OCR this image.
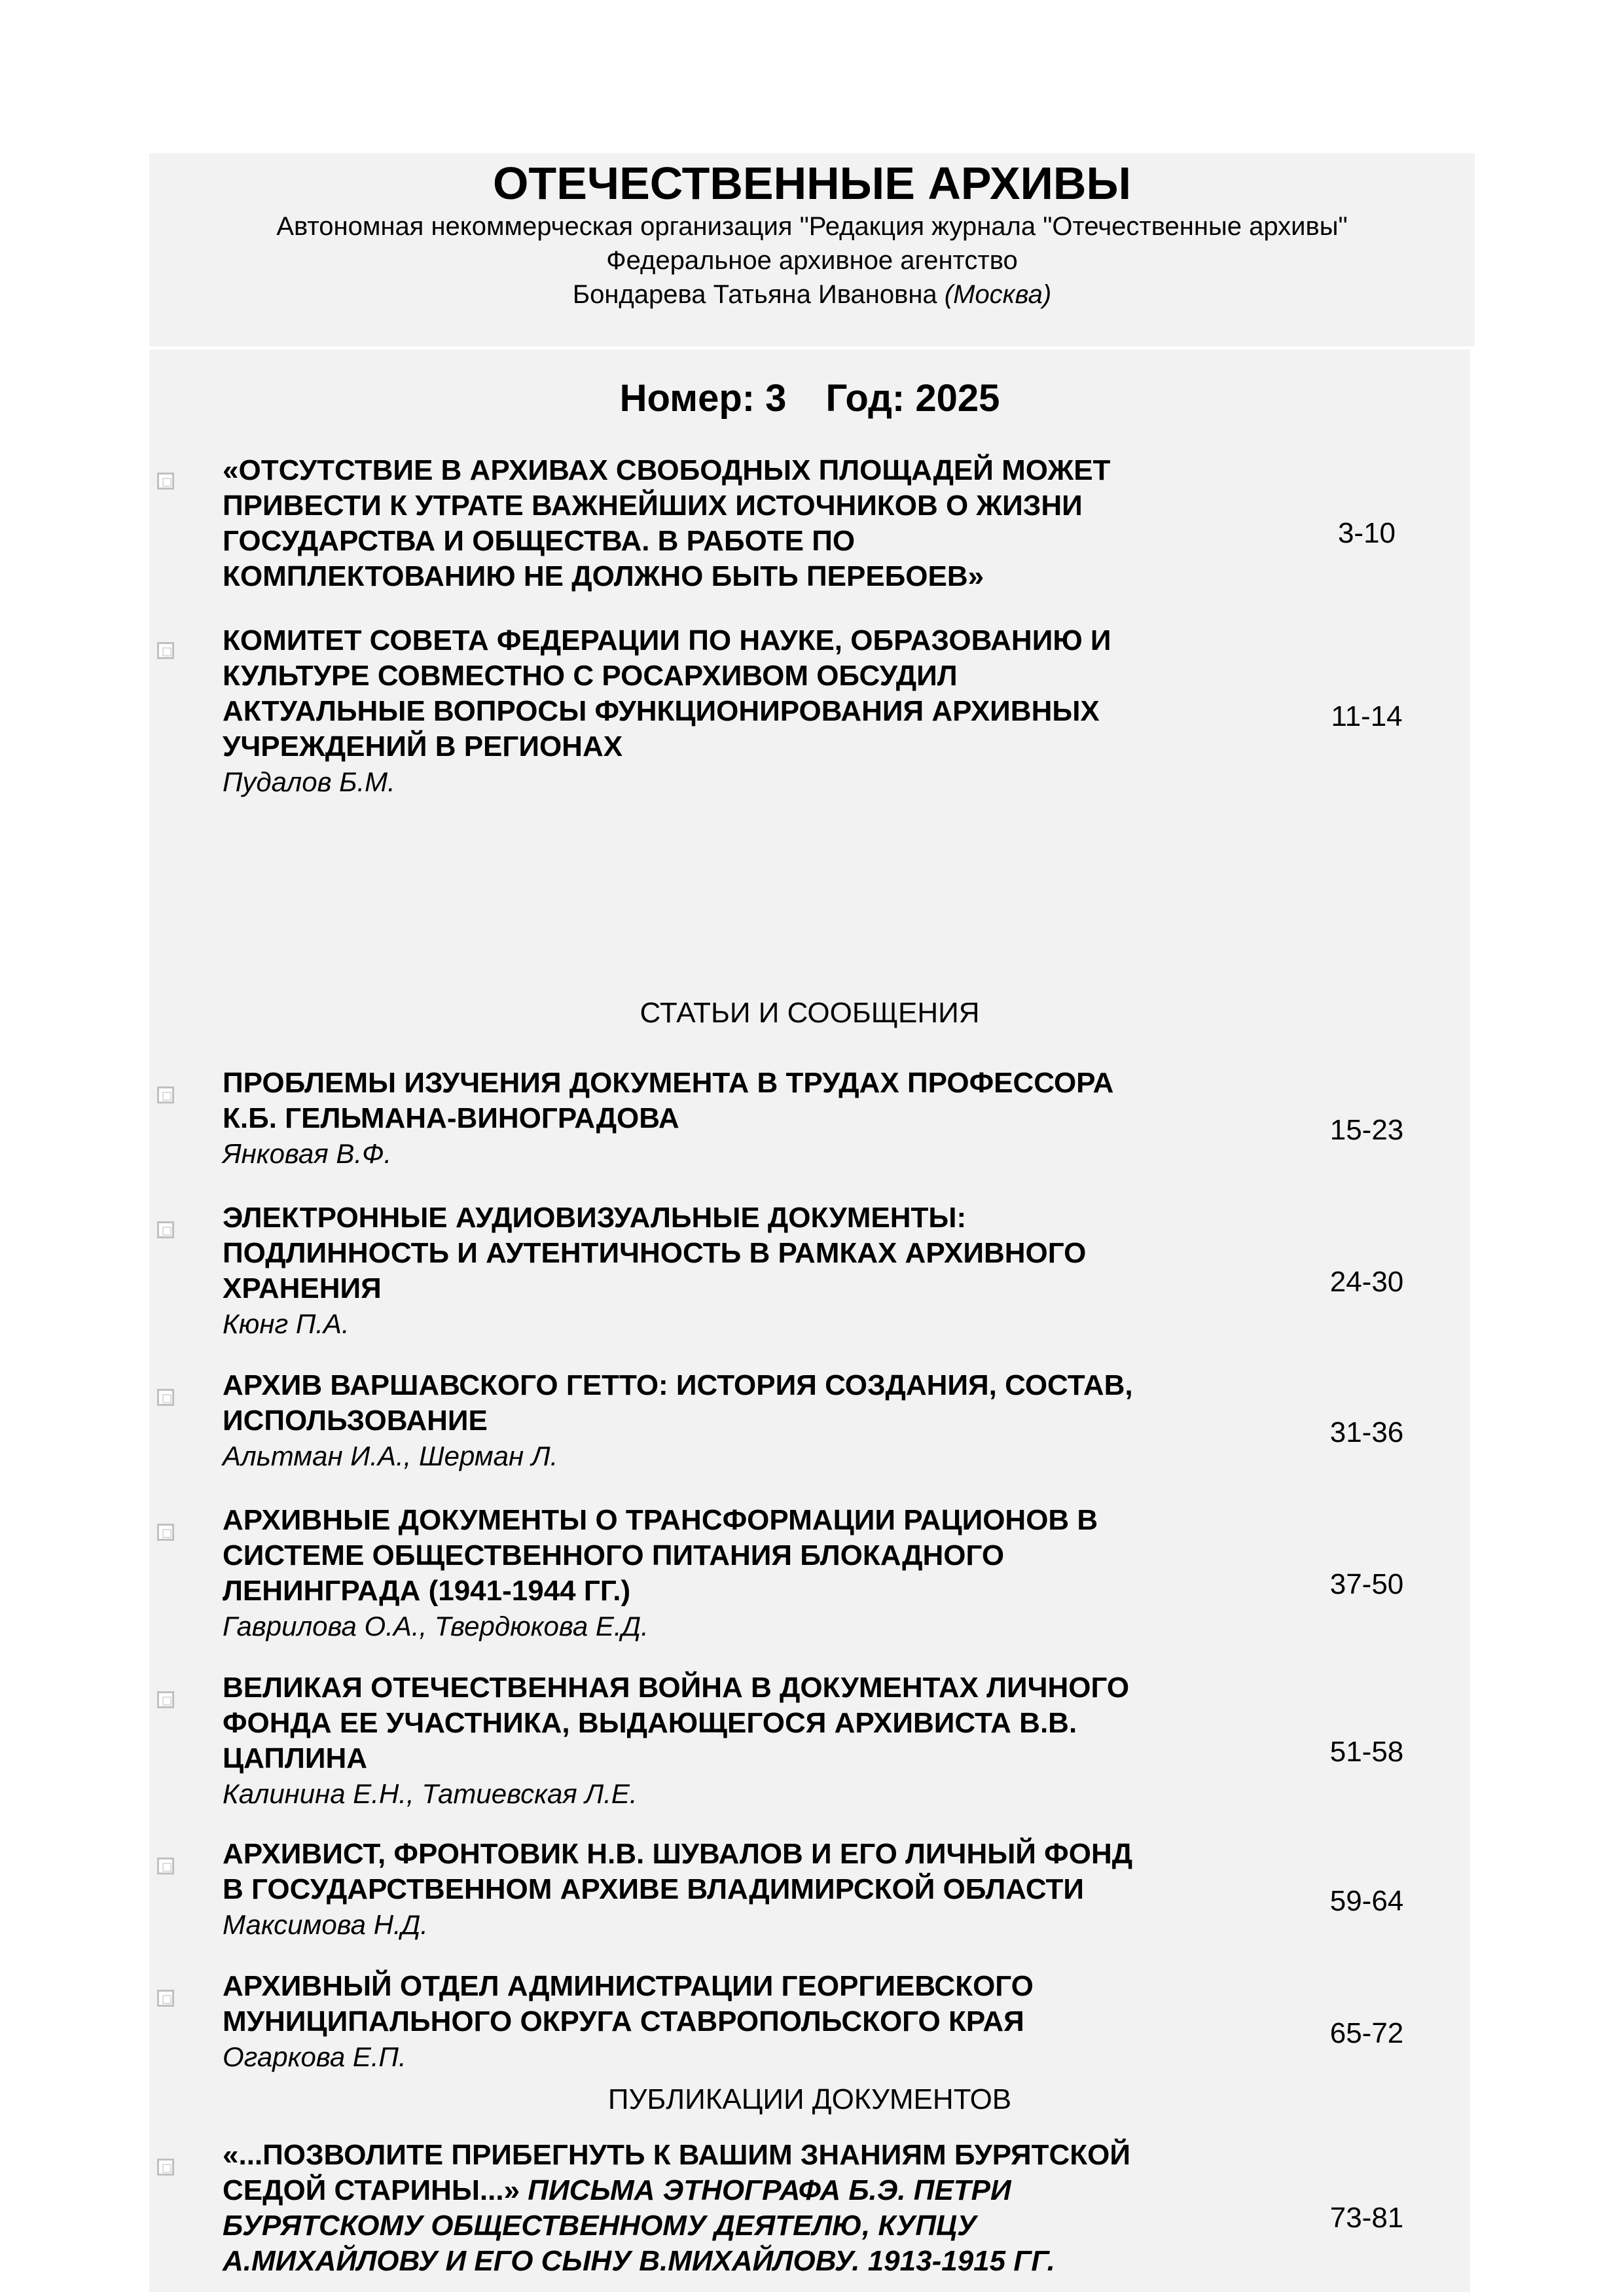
ОТЕЧЕСТВЕННЫЕ АРХИВЫ
Автономная некоммерческая организация "Редакция журнала "Отечественные архивы"
Федеральное архивное агентство
Бондарева Татьяна Ивановна (Москва)
Номер: 3 Год: 2025
«ОТСУТСТВИЕ В АРХИВАХ СВОБОДНЫХ ПЛОЩАДЕЙ МОЖЕТ
ПРИВЕСТИ К УТРАТЕ ВАЖНЕЙШИХ ИСТОЧНИКОВ О ЖИЗНИ
ГОСУДАРСТВА И ОБЩЕСТВА. В РАБОТЕ ПО
КОМПЛЕКТОВАНИЮ НЕ ДОЛЖНО БЫТЬ ПЕРЕБОЕВ»
3-10
КОМИТЕТ СОВЕТА ФЕДЕРАЦИИ ПО НАУКЕ, ОБРАЗОВАНИЮ И
КУЛЬТУРЕ СОВМЕСТНО С РОСАРХИВОМ ОБСУДИЛ
АКТУАЛЬНЫЕ ВОПРОСЫ ФУНКЦИОНИРОВАНИЯ АРХИВНЫХ
УЧРЕЖДЕНИЙ В РЕГИОНАХ
Пудалов Б.М.
11-14
СТАТЬИ И СООБЩЕНИЯ
ПРОБЛЕМЫ ИЗУЧЕНИЯ ДОКУМЕНТА В ТРУДАХ ПРОФЕССОРА
К.Б. ГЕЛЬМАНА-ВИНОГРАДОВА
Янковая В.Ф.
15-23
ЭЛЕКТРОННЫЕ АУДИОВИЗУАЛЬНЫЕ ДОКУМЕНТЫ:
ПОДЛИННОСТЬ И АУТЕНТИЧНОСТЬ В РАМКАХ АРХИВНОГО
ХРАНЕНИЯ
Кюнг П.А.
24-30
АРХИВ ВАРШАВСКОГО ГЕТТО: ИСТОРИЯ СОЗДАНИЯ, СОСТАВ,
ИСПОЛЬЗОВАНИЕ
Альтман И.А., Шерман Л.
31-36
АРХИВНЫЕ ДОКУМЕНТЫ О ТРАНСФОРМАЦИИ РАЦИОНОВ В
СИСТЕМЕ ОБЩЕСТВЕННОГО ПИТАНИЯ БЛОКАДНОГО
ЛЕНИНГРАДА (1941-1944 ГГ.)
Гаврилова О.А., Твердюкова Е.Д.
37-50
ВЕЛИКАЯ ОТЕЧЕСТВЕННАЯ ВОЙНА В ДОКУМЕНТАХ ЛИЧНОГО
ФОНДА ЕЕ УЧАСТНИКА, ВЫДАЮЩЕГОСЯ АРХИВИСТА В.В.
ЦАПЛИНА
Калинина Е.Н., Татиевская Л.Е.
51-58
АРХИВИСТ, ФРОНТОВИК Н.В. ШУВАЛОВ И ЕГО ЛИЧНЫЙ ФОНД
В ГОСУДАРСТВЕННОМ АРХИВЕ ВЛАДИМИРСКОЙ ОБЛАСТИ
Максимова Н.Д.
59-64
АРХИВНЫЙ ОТДЕЛ АДМИНИСТРАЦИИ ГЕОРГИЕВСКОГО
МУНИЦИПАЛЬНОГО ОКРУГА СТАВРОПОЛЬСКОГО КРАЯ
Огаркова Е.П.
65-72
ПУБЛИКАЦИИ ДОКУМЕНТОВ
«...ПОЗВОЛИТЕ ПРИБЕГНУТЬ К ВАШИМ ЗНАНИЯМ БУРЯТСКОЙ
СЕДОЙ СТАРИНЫ...» ПИСЬМА ЭТНОГРАФА Б.Э. ПЕТРИ
БУРЯТСКОМУ ОБЩЕСТВЕННОМУ ДЕЯТЕЛЮ, КУПЦУ
А.МИХАЙЛОВУ И ЕГО СЫНУ В.МИХАЙЛОВУ. 1913-1915 ГГ.
73-81
